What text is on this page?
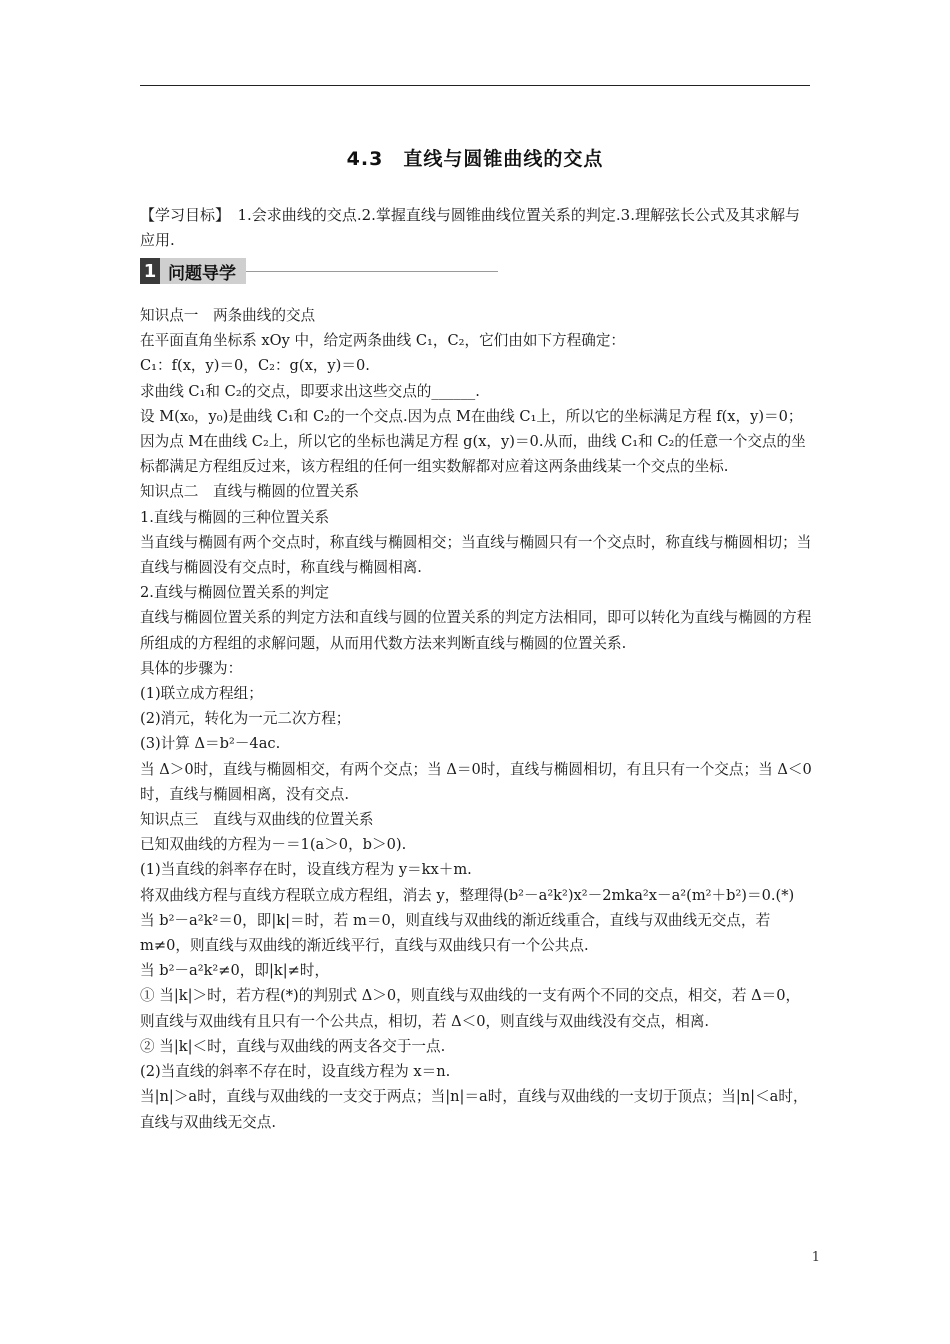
4.3　直线与圆锥曲线的交点
【学习目标】　1.会求曲线的交点.2.掌握直线与圆锥曲线位置关系的判定.3.理解弦长公式及其求解与应用.
1 问题导学

知识点一　两条曲线的交点

在平面直角坐标系 xOy 中，给定两条曲线 C₁，C₂，它们由如下方程确定：

C₁：f(x，y)＝0，C₂：g(x，y)＝0.

求曲线 C₁和 C₂的交点，即要求出这些交点的______.

设 M(x₀，y₀)是曲线 C₁和 C₂的一个交点.因为点 M在曲线 C₁上，所以它的坐标满足方程 f(x，y)＝0；因为点 M在曲线 C₂上，所以它的坐标也满足方程 g(x，y)＝0.从而，曲线 C₁和 C₂的任意一个交点的坐标都满足方程组反过来，该方程组的任何一组实数解都对应着这两条曲线某一个交点的坐标.

知识点二　直线与椭圆的位置关系

1.直线与椭圆的三种位置关系

当直线与椭圆有两个交点时，称直线与椭圆相交；当直线与椭圆只有一个交点时，称直线与椭圆相切；当直线与椭圆没有交点时，称直线与椭圆相离.

2.直线与椭圆位置关系的判定

直线与椭圆位置关系的判定方法和直线与圆的位置关系的判定方法相同，即可以转化为直线与椭圆的方程所组成的方程组的求解问题，从而用代数方法来判断直线与椭圆的位置关系.

具体的步骤为：

(1)联立成方程组；

(2)消元，转化为一元二次方程；

(3)计算 Δ＝b²－4ac.

当 Δ＞0时，直线与椭圆相交，有两个交点；当 Δ＝0时，直线与椭圆相切，有且只有一个交点；当 Δ＜0时，直线与椭圆相离，没有交点.

知识点三　直线与双曲线的位置关系

已知双曲线的方程为－＝1(a＞0，b＞0).

(1)当直线的斜率存在时，设直线方程为 y＝kx＋m.

将双曲线方程与直线方程联立成方程组，消去 y，整理得(b²－a²k²)x²－2mka²x－a²(m²＋b²)＝0.(*)

当 b²－a²k²＝0，即|k|＝时，若 m＝0，则直线与双曲线的渐近线重合，直线与双曲线无交点，若 m≠0，则直线与双曲线的渐近线平行，直线与双曲线只有一个公共点.

当 b²－a²k²≠0，即|k|≠时，

① 当|k|＞时，若方程(*)的判别式 Δ＞0，则直线与双曲线的一支有两个不同的交点，相交，若 Δ＝0，则直线与双曲线有且只有一个公共点，相切，若 Δ＜0，则直线与双曲线没有交点，相离.

② 当|k|＜时，直线与双曲线的两支各交于一点.

(2)当直线的斜率不存在时，设直线方程为 x＝n.

当|n|＞a时，直线与双曲线的一支交于两点；当|n|＝a时，直线与双曲线的一支切于顶点；当|n|＜a时，直线与双曲线无交点.

1
